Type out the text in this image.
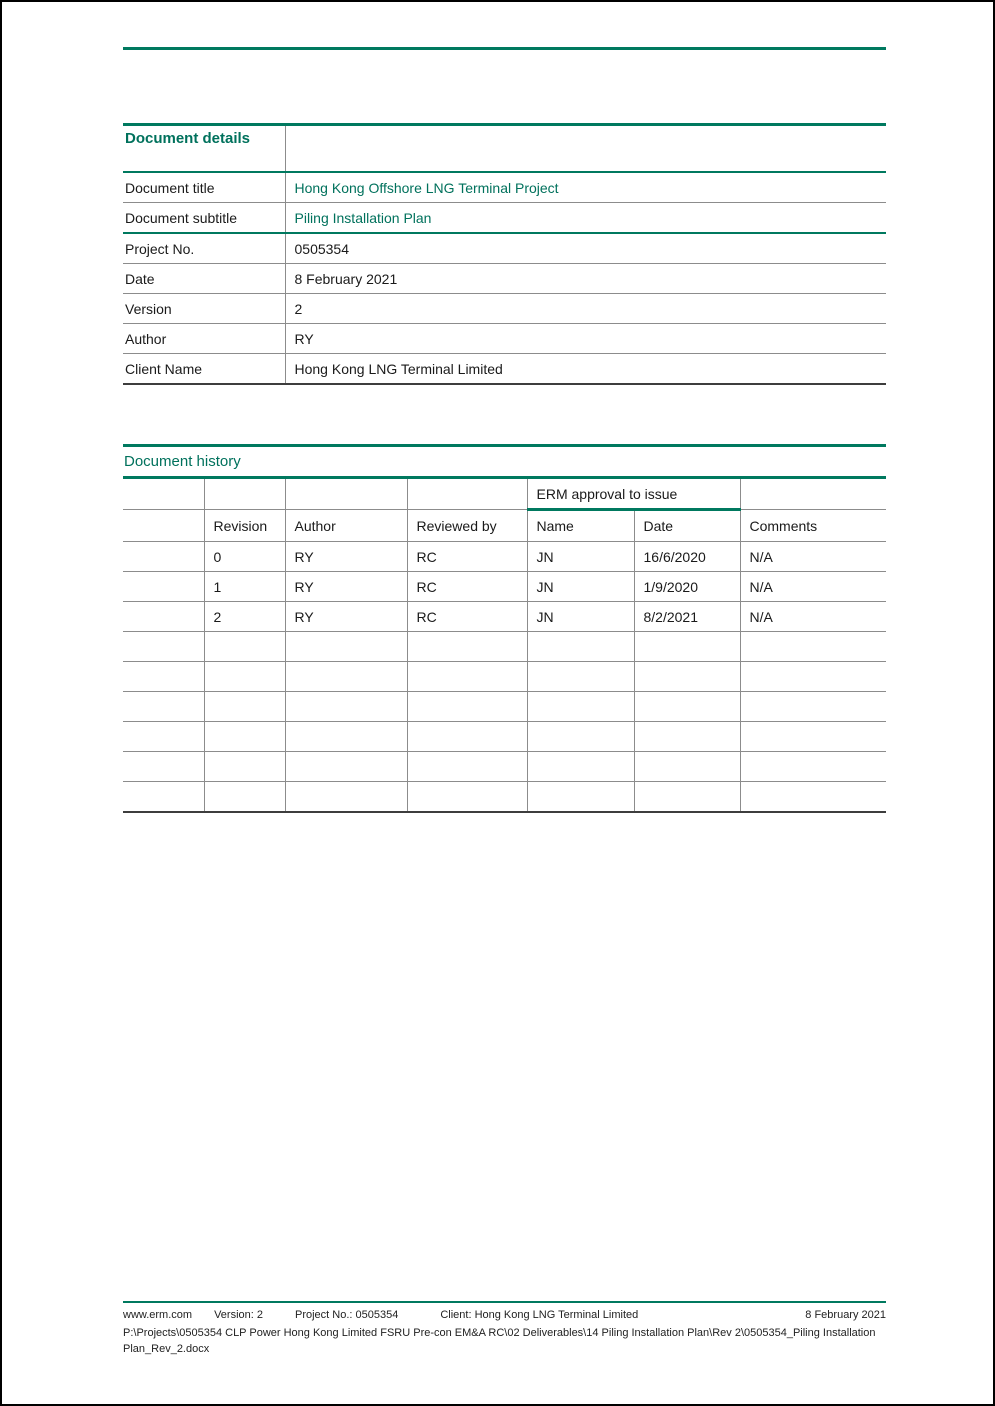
Document details	
Document title	Hong Kong Offshore LNG Terminal Project
Document subtitle	Piling Installation Plan
Project No.	0505354
Date	8 February 2021
Version	2
Author	RY
Client Name	Hong Kong LNG Terminal Limited
Document history
				ERM approval to issue		
	Revision	Author	Reviewed by	Name	Date	Comments
	0	RY	RC	JN	16/6/2020	N/A
	1	RY	RC	JN	1/9/2020	N/A
	2	RY	RC	JN	8/2/2021	N/A

www.erm.com Version: 2	Project No.: 0505354	Client: Hong Kong LNG Terminal Limited	8 February 2021
P:\Projects\0505354 CLP Power Hong Kong Limited FSRU Pre-con EM&A RC\02 Deliverables\14 Piling Installation Plan\Rev 2\0505354_Piling Installation Plan_Rev_2.docx
